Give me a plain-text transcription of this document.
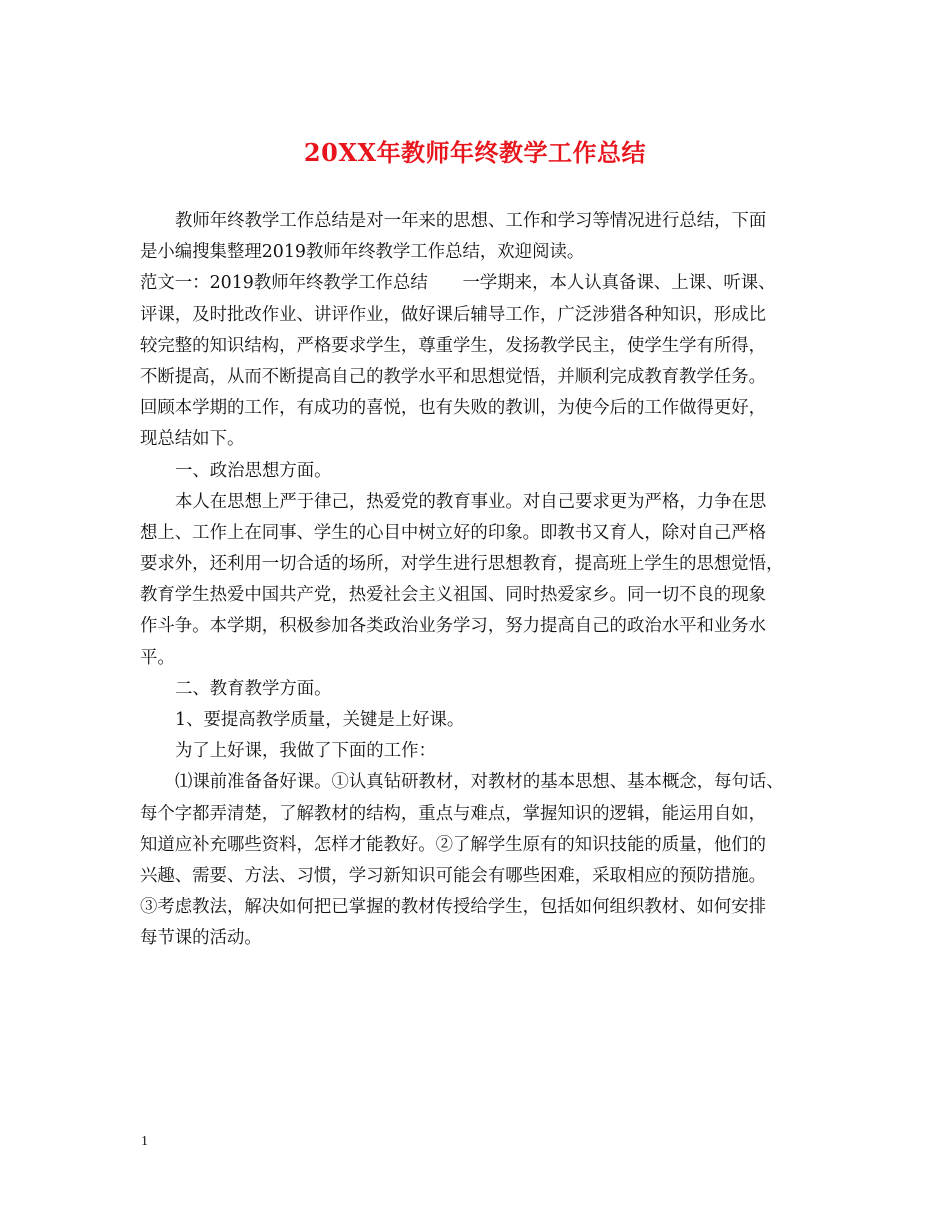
20XX年教师年终教学工作总结
教师年终教学工作总结是对一年来的思想、工作和学习等情况进行总结，下面
是小编搜集整理2019教师年终教学工作总结，欢迎阅读。
范文一：2019教师年终教学工作总结　　一学期来，本人认真备课、上课、听课、
评课，及时批改作业、讲评作业，做好课后辅导工作，广泛涉猎各种知识，形成比
较完整的知识结构，严格要求学生，尊重学生，发扬教学民主，使学生学有所得，
不断提高，从而不断提高自己的教学水平和思想觉悟，并顺利完成教育教学任务。
回顾本学期的工作，有成功的喜悦，也有失败的教训，为使今后的工作做得更好，
现总结如下。
一、政治思想方面。
本人在思想上严于律己，热爱党的教育事业。对自己要求更为严格，力争在思
想上、工作上在同事、学生的心目中树立好的印象。即教书又育人，除对自己严格
要求外，还利用一切合适的场所，对学生进行思想教育，提高班上学生的思想觉悟，
教育学生热爱中国共产党，热爱社会主义祖国、同时热爱家乡。同一切不良的现象
作斗争。本学期，积极参加各类政治业务学习，努力提高自己的政治水平和业务水
平。
二、教育教学方面。
1、要提高教学质量，关键是上好课。
为了上好课，我做了下面的工作：
⑴课前准备备好课。①认真钻研教材，对教材的基本思想、基本概念，每句话、
每个字都弄清楚，了解教材的结构，重点与难点，掌握知识的逻辑，能运用自如，
知道应补充哪些资料，怎样才能教好。②了解学生原有的知识技能的质量，他们的
兴趣、需要、方法、习惯，学习新知识可能会有哪些困难，采取相应的预防措施。
③考虑教法，解决如何把已掌握的教材传授给学生，包括如何组织教材、如何安排
每节课的活动。
1
